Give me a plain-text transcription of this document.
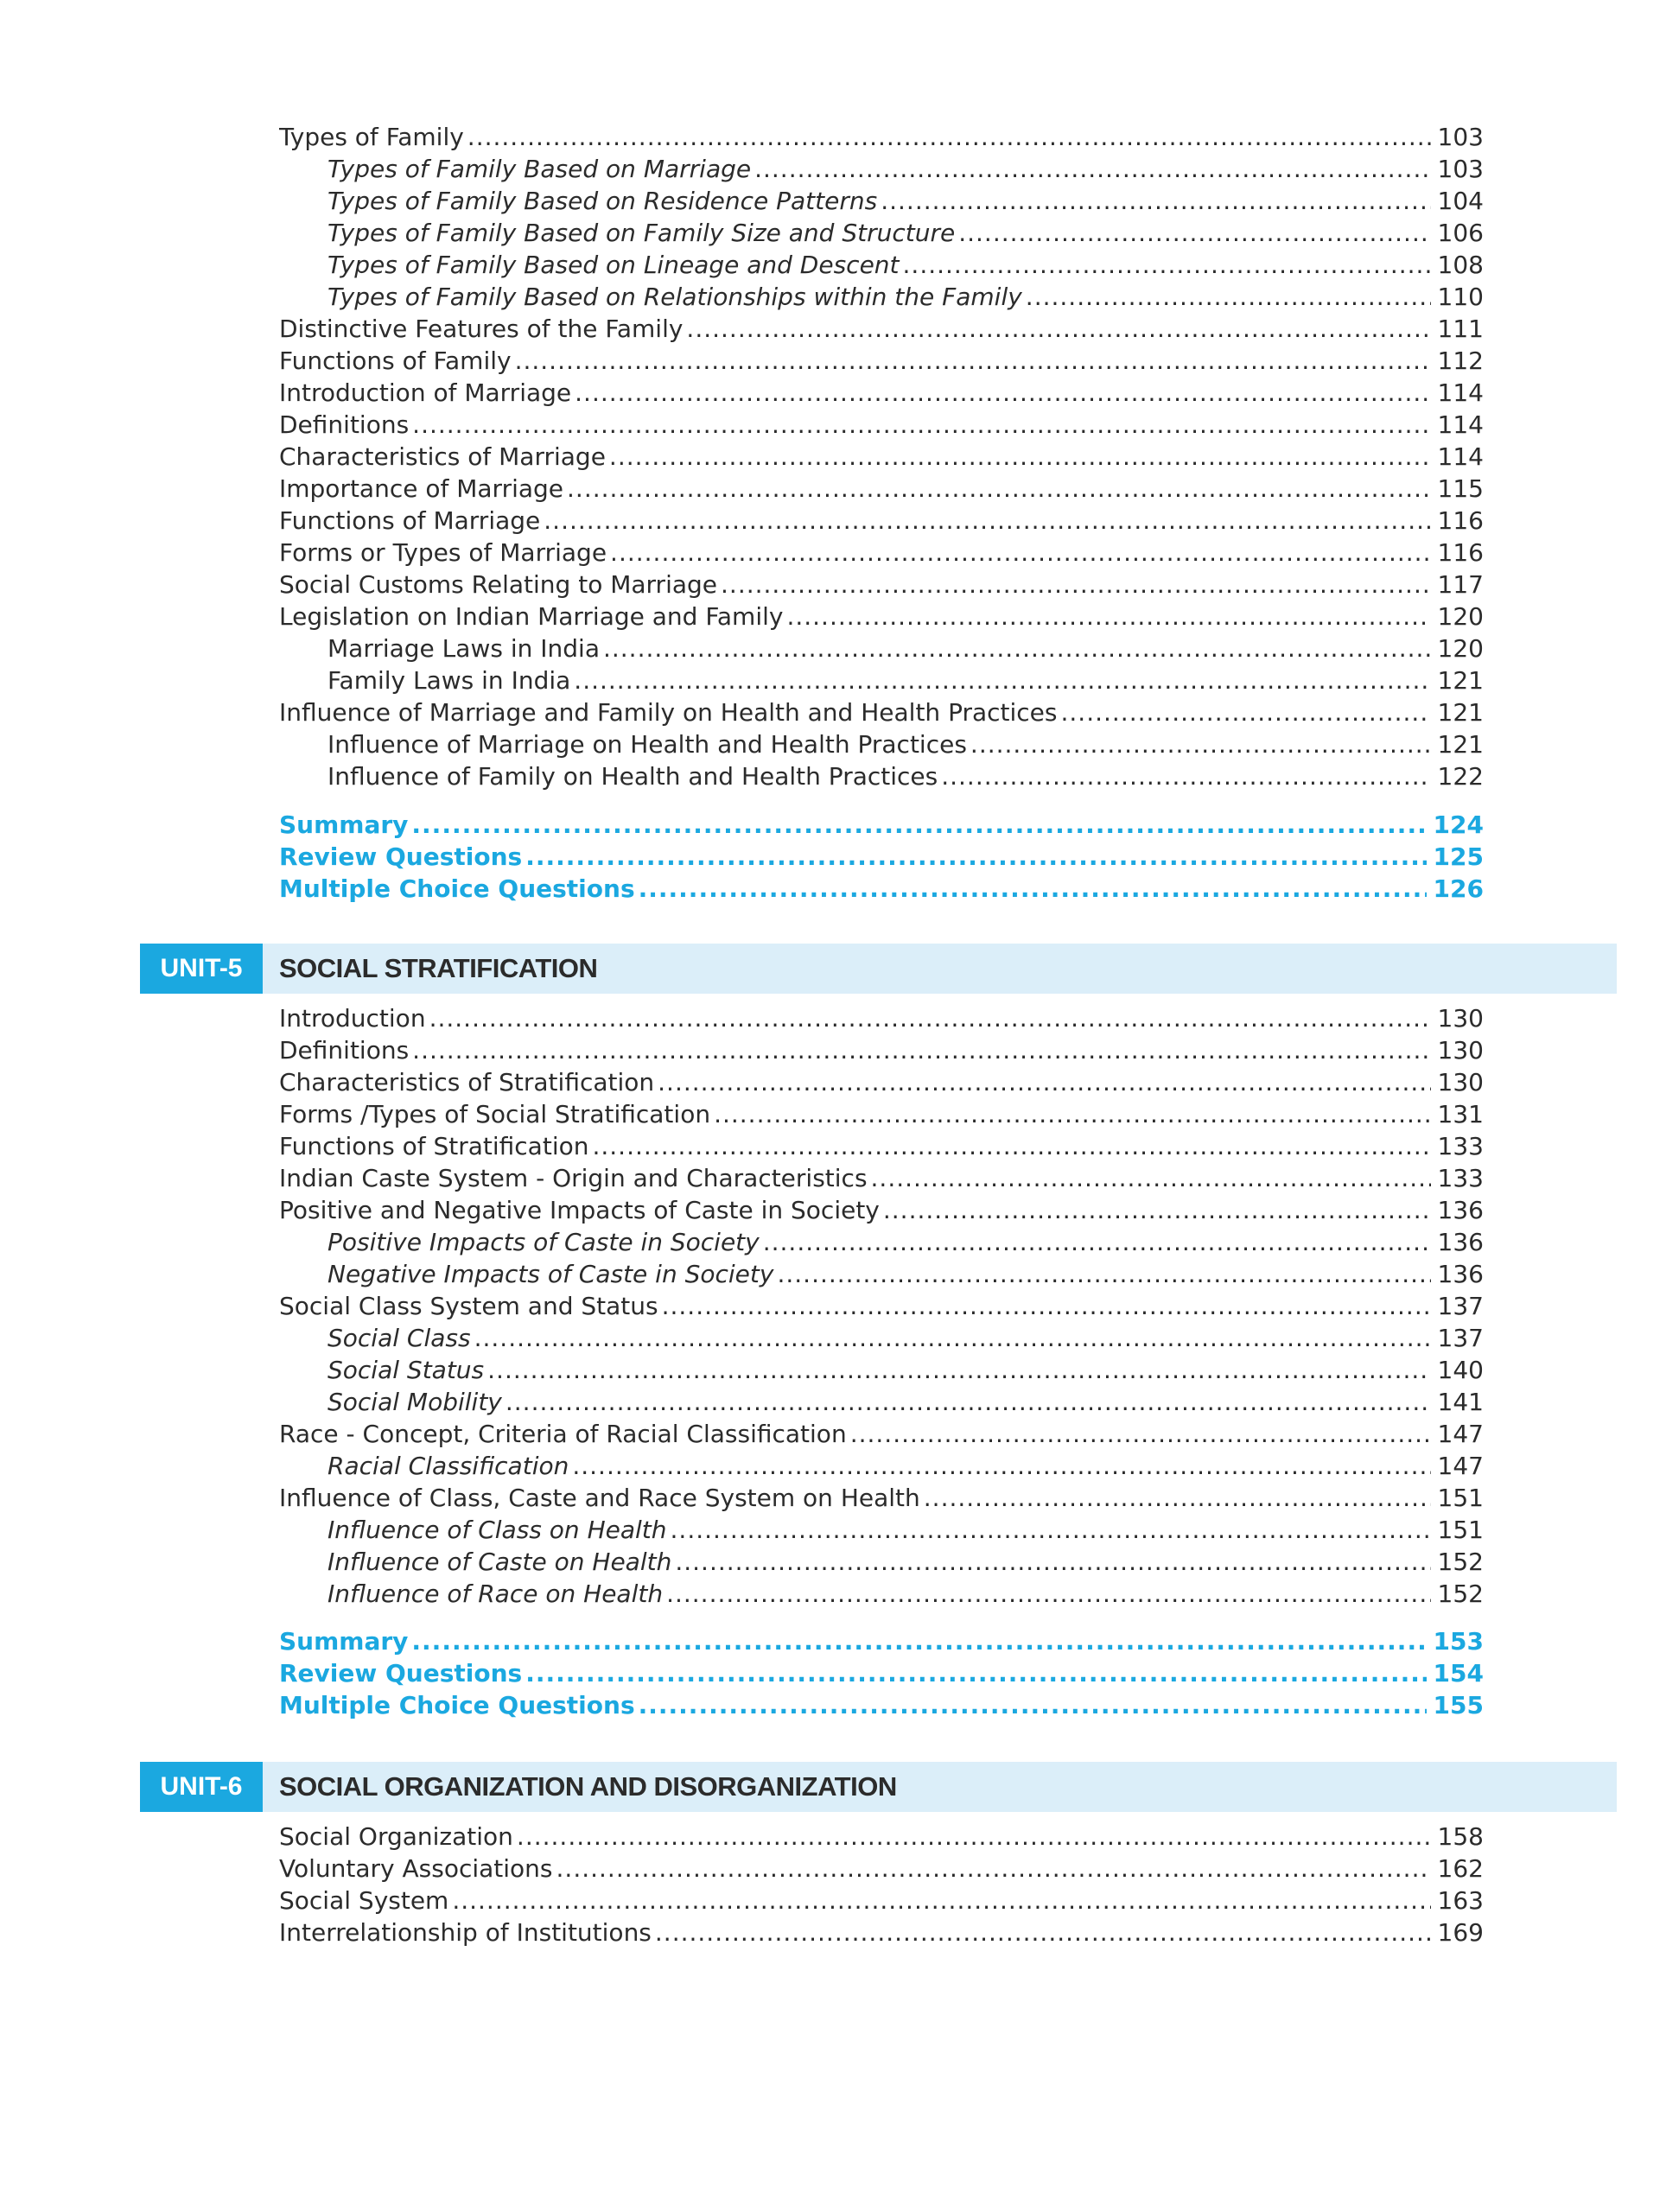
Types of Family .....	103
Types of Family Based on Marriage .....	103
Types of Family Based on Residence Patterns .....	104
Types of Family Based on Family Size and Structure .....	106
Types of Family Based on Lineage and Descent .....	108
Types of Family Based on Relationships within the Family .....	110
Distinctive Features of the Family .....	111
Functions of Family .....	112
Introduction of Marriage .....	114
Definitions .....	114
Characteristics of Marriage .....	114
Importance of Marriage .....	115
Functions of Marriage .....	116
Forms or Types of Marriage .....	116
Social Customs Relating to Marriage .....	117
Legislation on Indian Marriage and Family .....	120
Marriage Laws in India .....	120
Family Laws in India .....	121
Influence of Marriage and Family on Health and Health Practices .....	121
Influence of Marriage on Health and Health Practices .....	121
Influence of Family on Health and Health Practices .....	122
Summary .....	124
Review Questions .....	125
Multiple Choice Questions .....	126
UNIT-5	SOCIAL STRATIFICATION
Introduction .....	130
Definitions .....	130
Characteristics of Stratification .....	130
Forms /Types of Social Stratification .....	131
Functions of Stratification .....	133
Indian Caste System - Origin and Characteristics .....	133
Positive and Negative Impacts of Caste in Society .....	136
Positive Impacts of Caste in Society .....	136
Negative Impacts of Caste in Society .....	136
Social Class System and Status .....	137
Social Class .....	137
Social Status .....	140
Social Mobility .....	141
Race - Concept, Criteria of Racial Classification .....	147
Racial Classification .....	147
Influence of Class, Caste and Race System on Health .....	151
Influence of Class on Health .....	151
Influence of Caste on Health .....	152
Influence of Race on Health .....	152
Summary .....	153
Review Questions .....	154
Multiple Choice Questions .....	155
UNIT-6	SOCIAL ORGANIZATION AND DISORGANIZATION
Social Organization .....	158
Voluntary Associations .....	162
Social System .....	163
Interrelationship of Institutions .....	169
